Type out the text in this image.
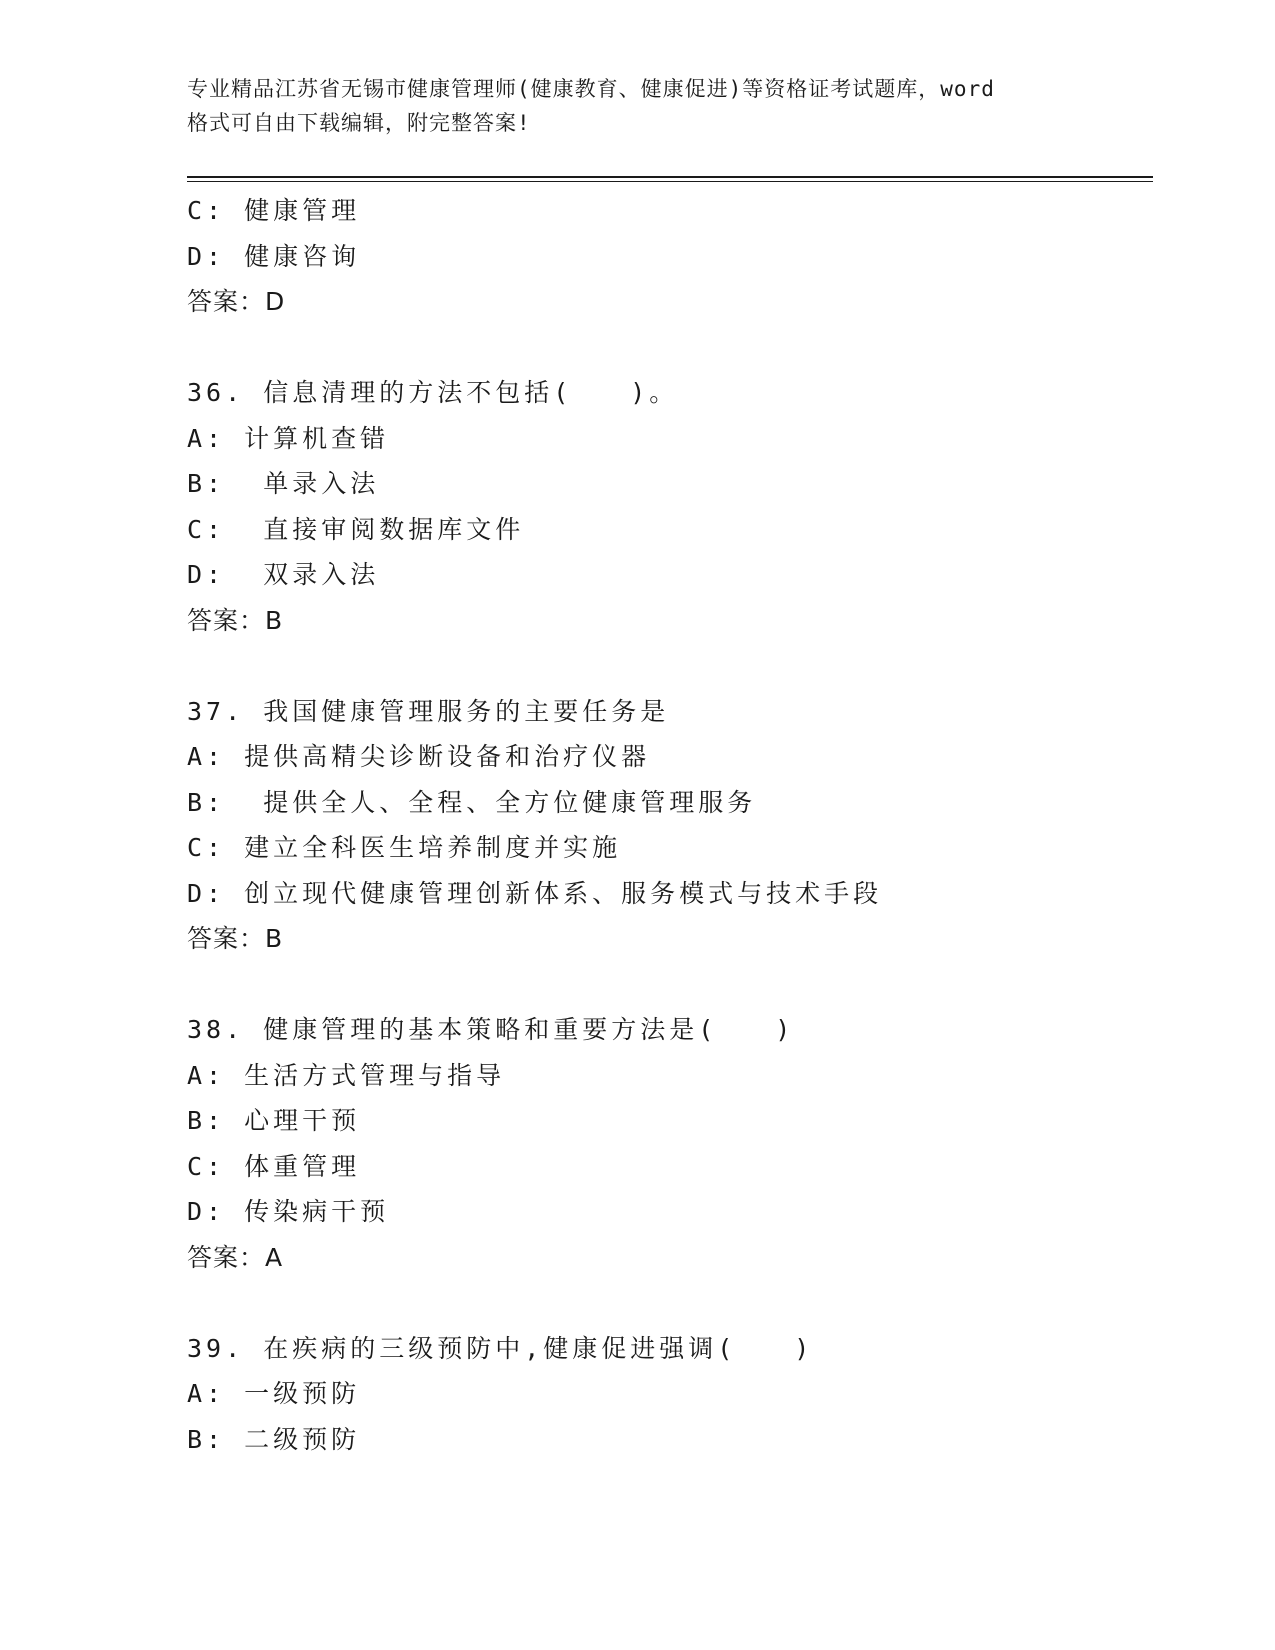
专业精品江苏省无锡市健康管理师(健康教育、健康促进)等资格证考试题库，word
格式可自由下载编辑，附完整答案!
C: 健康管理
D: 健康咨询
答案：D
36. 信息清理的方法不包括(　　)。
A: 计算机查错
B:  单录入法
C:  直接审阅数据库文件
D:  双录入法
答案：B
37. 我国健康管理服务的主要任务是
A: 提供高精尖诊断设备和治疗仪器
B:  提供全人、全程、全方位健康管理服务
C: 建立全科医生培养制度并实施
D: 创立现代健康管理创新体系、服务模式与技术手段
答案：B
38. 健康管理的基本策略和重要方法是(　　)
A: 生活方式管理与指导
B: 心理干预
C: 体重管理
D: 传染病干预
答案：A
39. 在疾病的三级预防中,健康促进强调(　　)
A: 一级预防
B: 二级预防
